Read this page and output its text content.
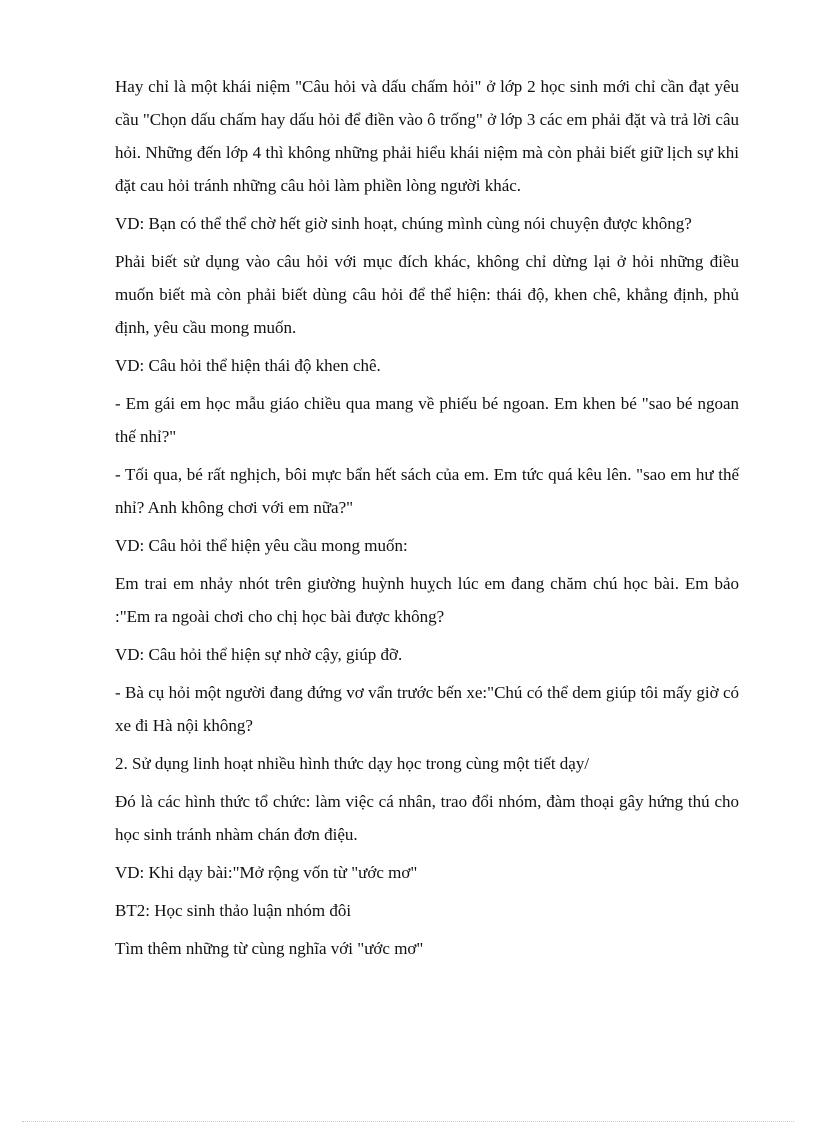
Hay chỉ là một khái niệm "Câu hỏi và dấu chấm hỏi" ở lớp 2 học sinh mới chỉ cần đạt yêu cầu "Chọn dấu chấm hay dấu hỏi để điền vào ô trống" ở lớp 3 các em phải đặt và trả lời câu hỏi. Những đến lớp 4 thì không những phải hiểu khái niệm mà còn phải biết giữ lịch sự khi đặt cau hỏi tránh những câu hỏi làm phiền lòng người khác.

VD: Bạn có thể thể chờ hết giờ sinh hoạt, chúng mình cùng nói chuyện được không?

Phải biết sử dụng vào câu hỏi với mục đích khác, không chỉ dừng lại ở hỏi những điều muốn biết mà còn phải biết dùng câu hỏi để thể hiện: thái độ, khen chê, khẳng định, phủ định, yêu cầu mong muốn.

VD: Câu hỏi thể hiện thái độ khen chê.

- Em gái em học mẫu giáo chiều qua mang về phiếu bé ngoan. Em khen bé "sao bé ngoan thế nhỉ?"

- Tối qua, bé rất nghịch, bôi mực bẩn hết sách của em. Em tức quá kêu lên. "sao em hư thế nhỉ? Anh không chơi với em nữa?"

VD: Câu hỏi thể hiện yêu cầu mong muốn:

Em trai em nhảy nhót trên giường huỳnh huỵch lúc em đang chăm chú học bài. Em bảo :"Em ra ngoài chơi cho chị học bài được không?

VD: Câu hỏi thể hiện sự nhờ cậy, giúp đỡ.

- Bà cụ hỏi một người đang đứng vơ vẩn trước bến xe:"Chú có thể dem giúp tôi mấy giờ có xe đi Hà nội không?

2. Sử dụng linh hoạt nhiều hình thức dạy học trong cùng một tiết dạy/

Đó là các hình thức tổ chức: làm việc cá nhân, trao đổi nhóm, đàm thoại gây hứng thú cho học sinh tránh nhàm chán đơn điệu.

VD: Khi dạy bài:"Mở rộng vốn từ "ước mơ"

BT2: Học sinh thảo luận nhóm đôi

Tìm thêm những từ cùng nghĩa với "ước mơ"
